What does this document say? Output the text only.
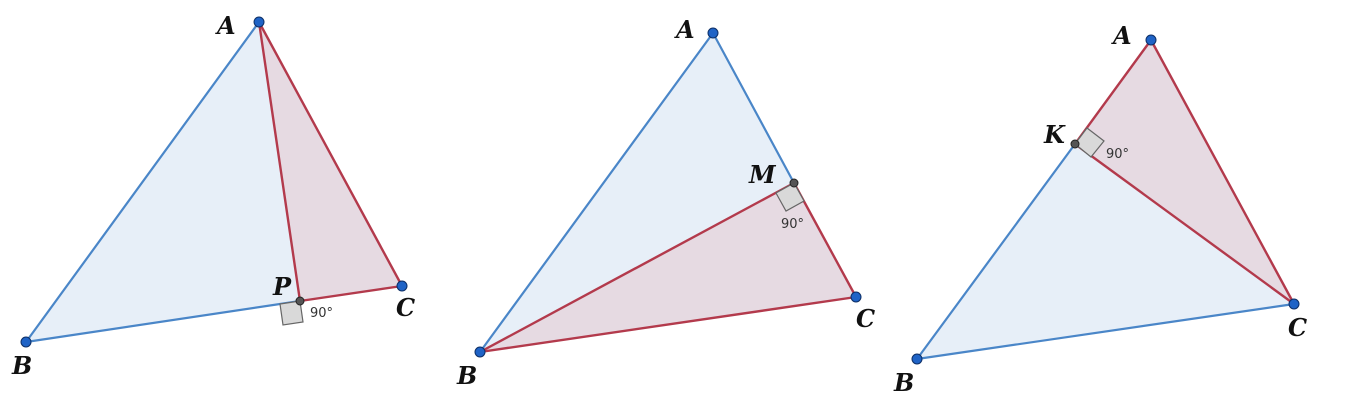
90°
A
B
C
P
90°
A
B
C
M
90°
A
B
C
K
